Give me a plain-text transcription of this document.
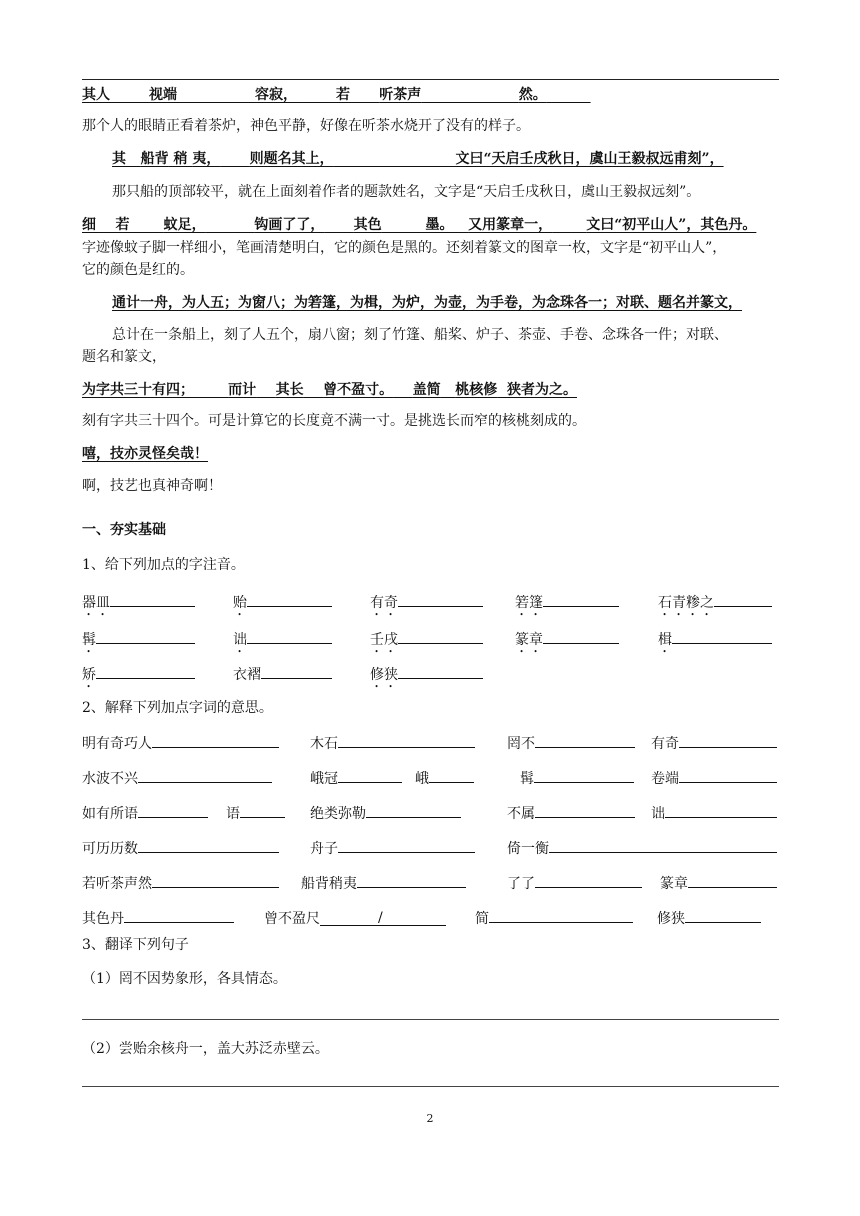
其人	视端	容寂，	若 听茶声	然。
那个人的眼睛正看着茶炉，神色平静，好像在听茶水烧开了没有的样子。
其 船背 稍 夷， 则题名其上，	文曰“天启壬戌秋日，虞山王毅叔远甫刻”，
那只船的顶部较平，就在上面刻着作者的题款姓名，文字是“天启壬戌秋日，虞山王毅叔远刻”。
细 若 蚊足，	钩画了了， 其色	墨。 又用篆章一， 文曰“初平山人”，其色丹。
字迹像蚊子脚一样细小，笔画清楚明白，它的颜色是黑的。还刻着篆文的图章一枚，文字是“初平山人”，
它的颜色是红的。
通计一舟，为人五；为窗八；为箬篷，为楫，为炉，为壶，为手卷，为念珠各一；对联、题名并篆文，
总计在一条船上，刻了人五个，扇八窗；刻了竹篷、船桨、炉子、茶壶、手卷、念珠各一件；对联、
题名和篆文，
为字共三十有四； 而计 其长 曾不盈寸。 盖简 桃核修 狭者为之。
刻有字共三十四个。可是计算它的长度竟不满一寸。是挑选长而窄的核桃刻成的。
嘻，技亦灵怪矣哉！
啊，技艺也真神奇啊！
一、夯实基础
1、给下列加点的字注音。
器皿	贻	有奇	箬篷	石青糁之
髯	诎	壬戌	篆章	楫
矫	衣褶	修狭
2、解释下列加点字词的意思。
明有奇巧人	木石	罔不	有奇
水波不兴	峨冠	峨	髯	卷端
如有所语	语	绝类弥勒	不属	诎
可历历数	舟子	倚一衡
若听茶声然	船背稍夷	了了	篆章
其色丹	曾不盈尺	/	简	修狭
3、翻译下列句子
（1）罔不因势象形，各具情态。
（2）尝贻余核舟一，盖大苏泛赤壁云。
2
